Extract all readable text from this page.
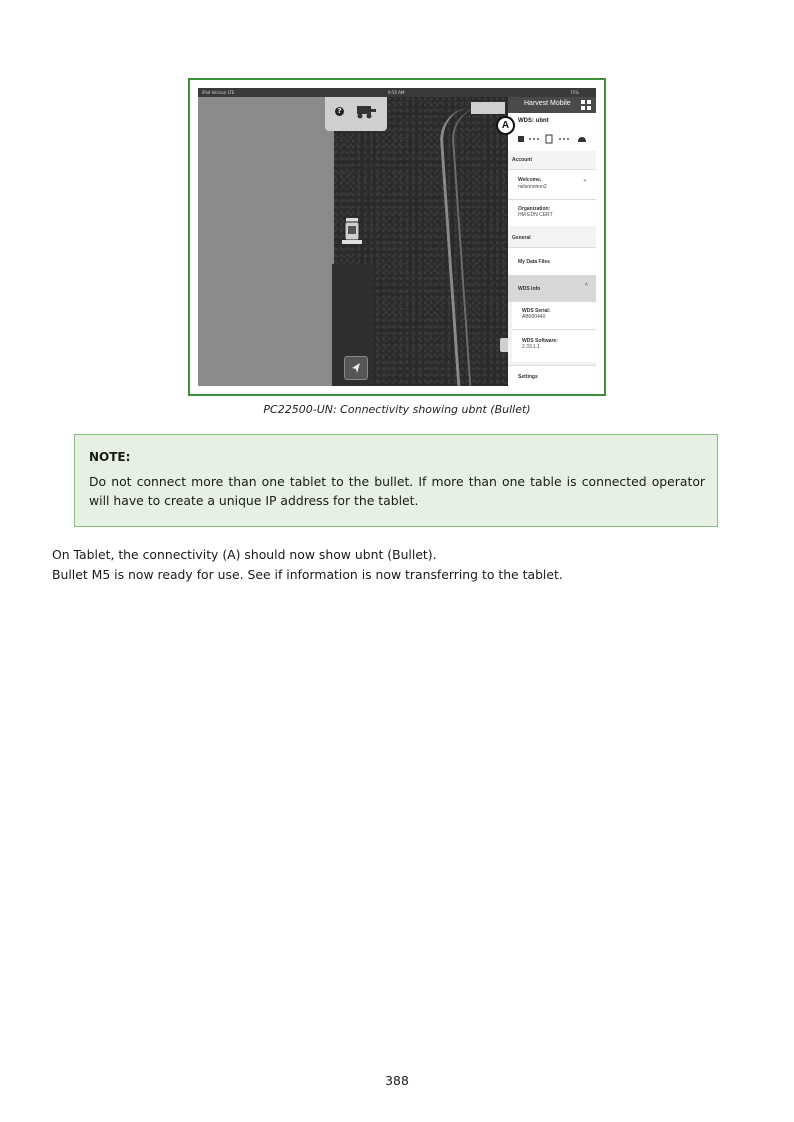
iPad Verizon LTE	9:56 AM	75%
?
Harvest Mobile
A	WDS: ubnt
Account
Welcome,
nelsonorion2
⌄
Organization:
HM EDN CERT
General
My Data Files
WDS Info	^
WDS Serial:
AB000440
WDS Software:
2.33.1.1
Settings
PC22500-UN: Connectivity showing ubnt (Bullet)
NOTE:
Do not connect more than one tablet to the bullet. If more than one table is connected operator will have to create a unique IP address for the tablet.
On Tablet, the connectivity (A) should now show ubnt (Bullet).
Bullet M5 is now ready for use. See if information is now transferring to the tablet.
388
